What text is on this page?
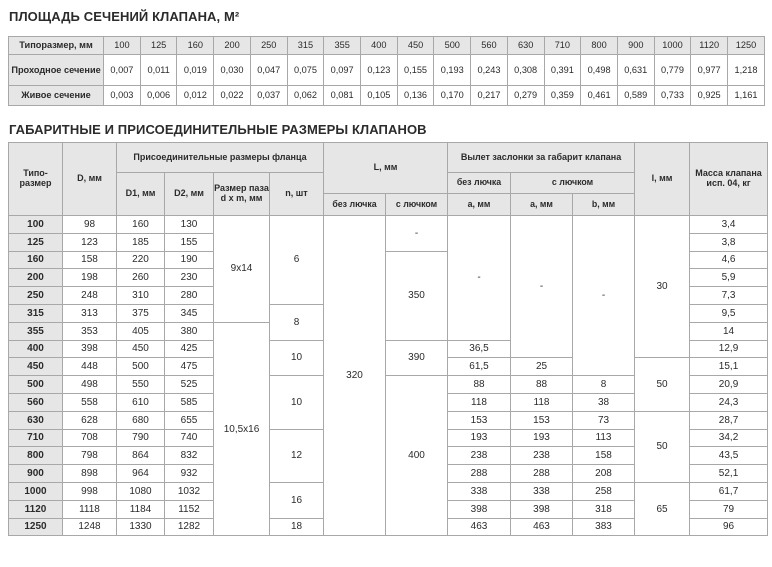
ПЛОЩАДЬ СЕЧЕНИЙ КЛАПАНА, М²
Типоразмер, мм	100	125	160	200	250	315	355	400	450	500	560	630	710	800	900	1000	1120	1250
Проходное сечение	0,007	0,011	0,019	0,030	0,047	0,075	0,097	0,123	0,155	0,193	0,243	0,308	0,391	0,498	0,631	0,779	0,977	1,218
Живое сечение	0,003	0,006	0,012	0,022	0,037	0,062	0,081	0,105	0,136	0,170	0,217	0,279	0,359	0,461	0,589	0,733	0,925	1,161
ГАБАРИТНЫЕ И ПРИСОЕДИНИТЕЛЬНЫЕ РАЗМЕРЫ КЛАПАНОВ
Типо-размер	D, мм	Присоединительные размеры фланца				L, мм		Вылет заслонки за габарит клапана			l, мм	Масса клапана исп. 04, кг	
		D1, мм	D2, мм	Размер паза d x m, мм	n, шт			без лючка	с лючком				
						без лючка	с лючком	a, мм	a, мм	b, мм			
100	98	160	130	9x14	6	320	-	-	-	-	30	3,4	
125	123	185	155									3,8	
160	158	220	190				350					4,6	
200	198	260	230									5,9	
250	248	310	280									7,3	
315	313	375	345		8							9,5	
355	353	405	380	10,5x16								14	
400	398	450	425		10		390	36,5				12,9	
450	448	500	475					61,5	25		50	15,1	
500	498	550	525		10		400	88	88	8		20,9	
560	558	610	585					118	118	38		24,3	
630	628	680	655					153	153	73	50	28,7	
710	708	790	740		12			193	193	113		34,2	
800	798	864	832					238	238	158		43,5	
900	898	964	932					288	288	208		52,1	
1000	998	1080	1032		16			338	338	258	65	61,7	
1120	1118	1184	1152					398	398	318		79	
1250	1248	1330	1282		18			463	463	383		96	
